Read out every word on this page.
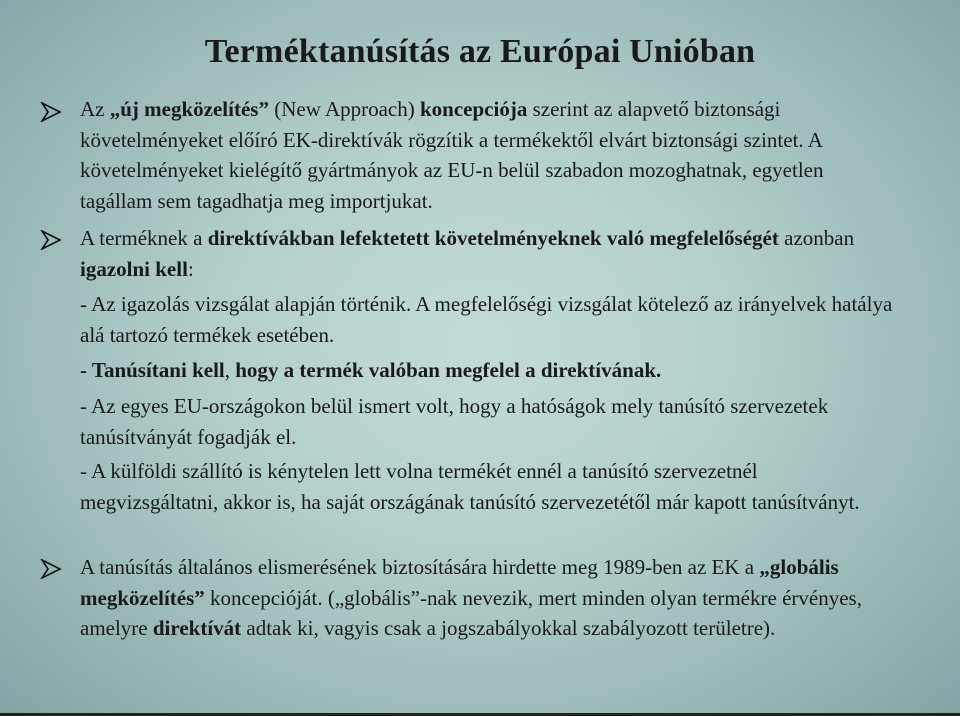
Terméktanúsítás az Európai Unióban
Az „új megközelítés” (New Approach) koncepciója szerint az alapvető biztonsági követelményeket előíró EK-direktívák rögzítik a termékektől elvárt biztonsági szintet. A követelményeket kielégítő gyártmányok az EU-n belül szabadon mozoghatnak, egyetlen tagállam sem tagadhatja meg importjukat.
A terméknek a direktívákban lefektetett követelményeknek való megfelelőségét azonban igazolni kell:
- Az igazolás vizsgálat alapján történik. A megfelelőségi vizsgálat kötelező az irányelvek hatálya alá tartozó termékek esetében.
- Tanúsítani kell, hogy a termék valóban megfelel a direktívának.
- Az egyes EU-országokon belül ismert volt, hogy a hatóságok mely tanúsító szervezetek tanúsítványát fogadják el.
- A külföldi szállító is kénytelen lett volna termékét ennél a tanúsító szervezetnél megvizsgáltatni, akkor is, ha saját országának tanúsító szervezetétől már kapott tanúsítványt.
A tanúsítás általános elismerésének biztosítására hirdette meg 1989-ben az EK a „globális megközelítés” koncepcióját. („globális”-nak nevezik, mert minden olyan termékre érvényes, amelyre direktívát adtak ki, vagyis csak a jogszabályokkal szabályozott területre).
